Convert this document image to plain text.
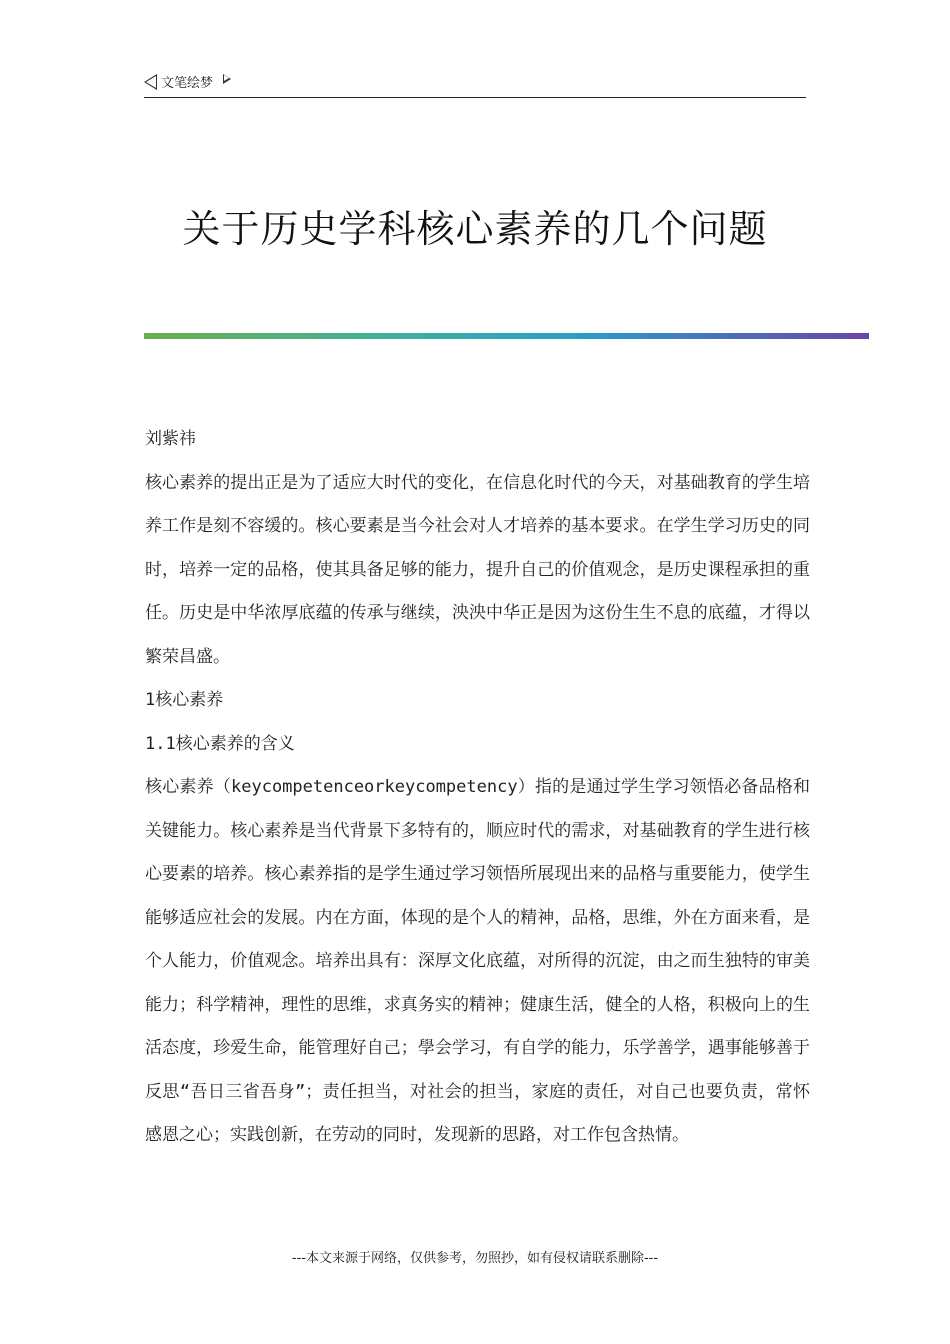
文笔绘梦
关于历史学科核心素养的几个问题

刘紫祎

核心素养的提出正是为了适应大时代的变化，在信息化时代的今天，对基础教育的学生培养工作是刻不容缓的。核心要素是当今社会对人才培养的基本要求。在学生学习历史的同时，培养一定的品格，使其具备足够的能力，提升自己的价值观念，是历史课程承担的重任。历史是中华浓厚底蕴的传承与继续，泱泱中华正是因为这份生生不息的底蕴，才得以繁荣昌盛。

1核心素养

1.1核心素养的含义

核心素养（keycompetenceorkeycompetency）指的是通过学生学习领悟必备品格和关键能力。核心素养是当代背景下多特有的，顺应时代的需求，对基础教育的学生进行核心要素的培养。核心素养指的是学生通过学习领悟所展现出来的品格与重要能力，使学生能够适应社会的发展。内在方面，体现的是个人的精神，品格，思维，外在方面来看，是个人能力，价值观念。培养出具有：深厚文化底蕴，对所得的沉淀，由之而生独特的审美能力；科学精神，理性的思维，求真务实的精神；健康生活，健全的人格，积极向上的生活态度，珍爱生命，能管理好自己；學会学习，有自学的能力，乐学善学，遇事能够善于反思“吾日三省吾身”；责任担当，对社会的担当，家庭的责任，对自己也要负责，常怀感恩之心；实践创新，在劳动的同时，发现新的思路，对工作包含热情。

---本文来源于网络，仅供参考，勿照抄，如有侵权请联系删除---
